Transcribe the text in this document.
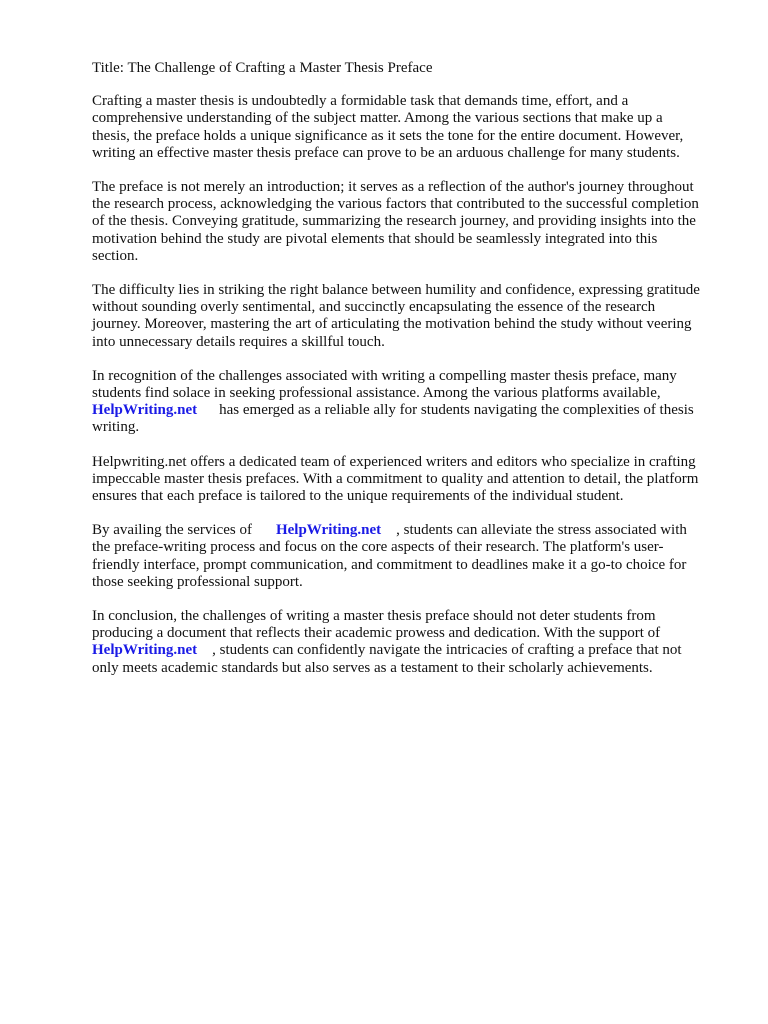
Title: The Challenge of Crafting a Master Thesis Preface
Crafting a master thesis is undoubtedly a formidable task that demands time, effort, and a
comprehensive understanding of the subject matter. Among the various sections that make up a
thesis, the preface holds a unique significance as it sets the tone for the entire document. However,
writing an effective master thesis preface can prove to be an arduous challenge for many students.
The preface is not merely an introduction; it serves as a reflection of the author's journey throughout
the research process, acknowledging the various factors that contributed to the successful completion
of the thesis. Conveying gratitude, summarizing the research journey, and providing insights into the
motivation behind the study are pivotal elements that should be seamlessly integrated into this
section.
The difficulty lies in striking the right balance between humility and confidence, expressing gratitude
without sounding overly sentimental, and succinctly encapsulating the essence of the research
journey. Moreover, mastering the art of articulating the motivation behind the study without veering
into unnecessary details requires a skillful touch.
In recognition of the challenges associated with writing a compelling master thesis preface, many
students find solace in seeking professional assistance. Among the various platforms available,
HelpWriting.net has emerged as a reliable ally for students navigating the complexities of thesis
writing.
Helpwriting.net offers a dedicated team of experienced writers and editors who specialize in crafting
impeccable master thesis prefaces. With a commitment to quality and attention to detail, the platform
ensures that each preface is tailored to the unique requirements of the individual student.
By availing the services of HelpWriting.net , students can alleviate the stress associated with
the preface-writing process and focus on the core aspects of their research. The platform's user-
friendly interface, prompt communication, and commitment to deadlines make it a go-to choice for
those seeking professional support.
In conclusion, the challenges of writing a master thesis preface should not deter students from
producing a document that reflects their academic prowess and dedication. With the support of
HelpWriting.net , students can confidently navigate the intricacies of crafting a preface that not
only meets academic standards but also serves as a testament to their scholarly achievements.
